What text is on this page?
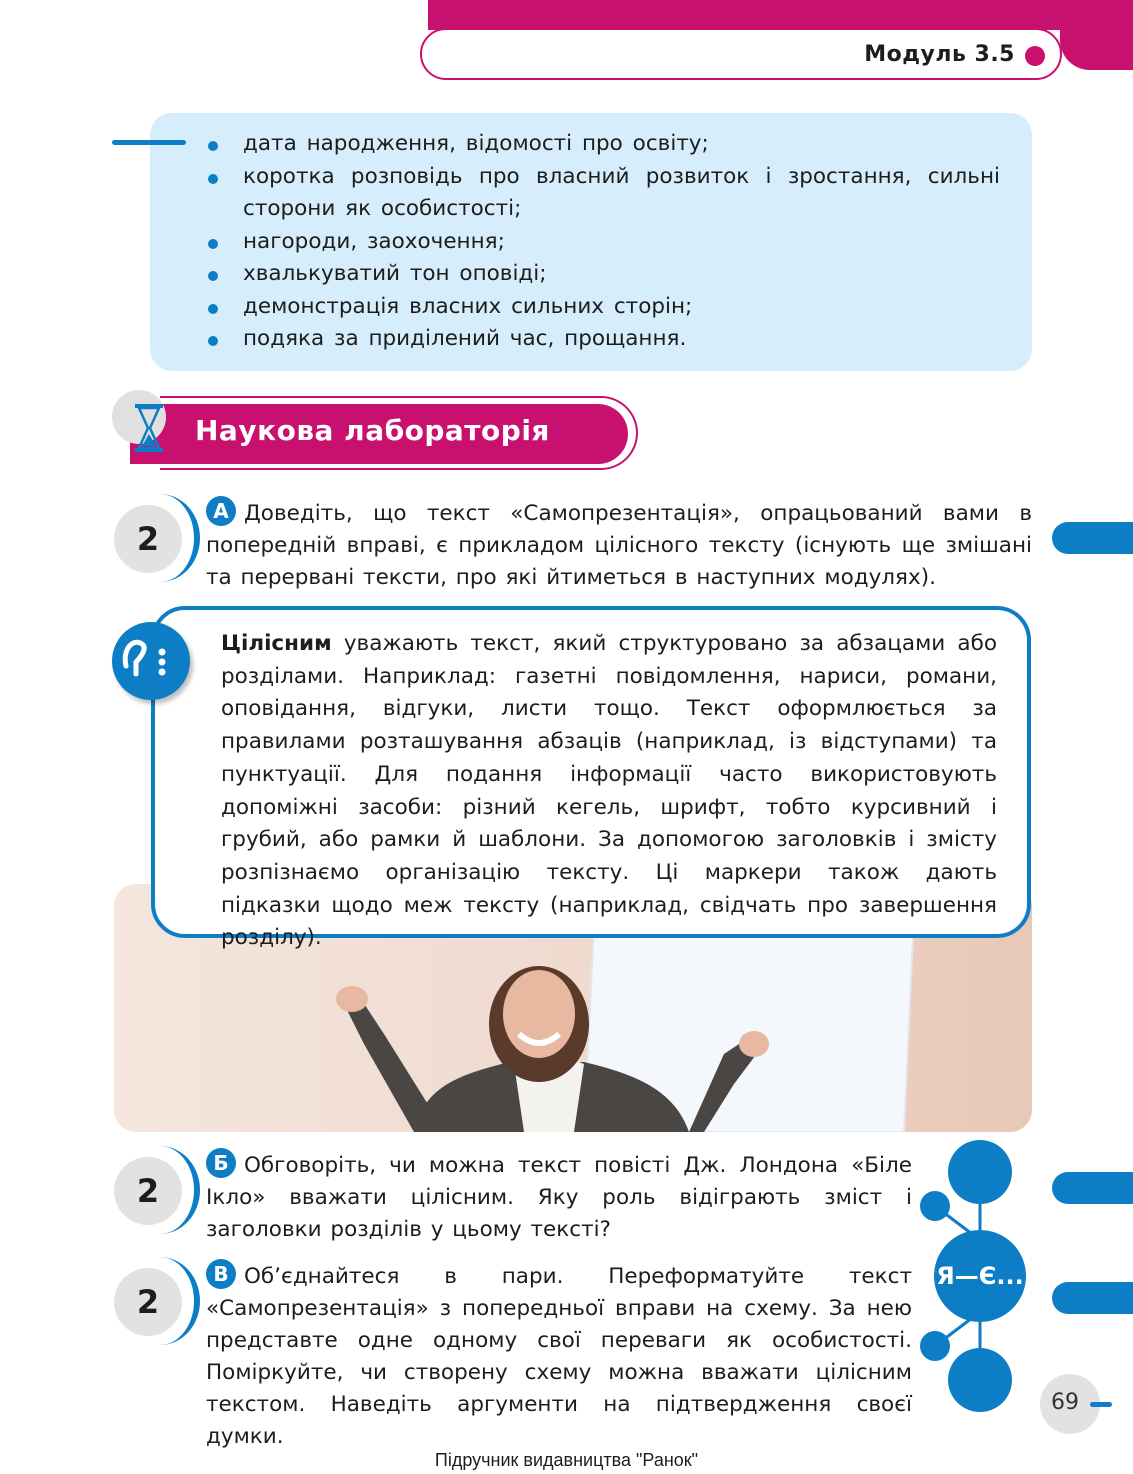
Модуль 3.5
дата народження, відомості про освіту;
коротка розповідь про власний розвиток і зростання, сильні сторони як особистості;
нагороди, заохочення;
хвалькуватий тон оповіді;
демонстрація власних сильних сторін;
подяка за приділений час, прощання.
Наукова лабораторія
2
А Доведіть, що текст «Самопрезентація», опрацьований вами в попередній вправі, є прикладом цілісного тексту (існують ще змішані та перервані тексти, про які йтиметься в наступних модулях).
Цілісним уважають текст, який структуровано за абзацами або розділами. Наприклад: газетні повідомлення, нариси, романи, оповідання, відгуки, листи тощо. Текст оформлюється за правилами розташування абзаців (наприклад, із відступами) та пунктуації. Для подання інформації часто використовують допоміжні засоби: різний кегель, шрифт, тобто курсивний і грубий, або рамки й шаблони. За допомогою заголовків і змісту розпізнаємо організацію тексту. Ці маркери також дають підказки щодо меж тексту (наприклад, свідчать про завершення розділу).
2
Б Обговоріть, чи можна текст повісті Дж. Лондона «Біле Ікло» вважати цілісним. Яку роль відіграють зміст і заголовки розділів у цьому тексті?
2
В Об’єднайтеся в пари. Переформатуйте текст «Самопрезентація» з попередньої вправи на схему. За нею представте одне одному свої переваги як особистості. Поміркуйте, чи створену схему можна вважати цілісним текстом. Наведіть аргументи на підтвердження своєї думки.
Я—Є...
69
Підручник видавництва "Ранок"
